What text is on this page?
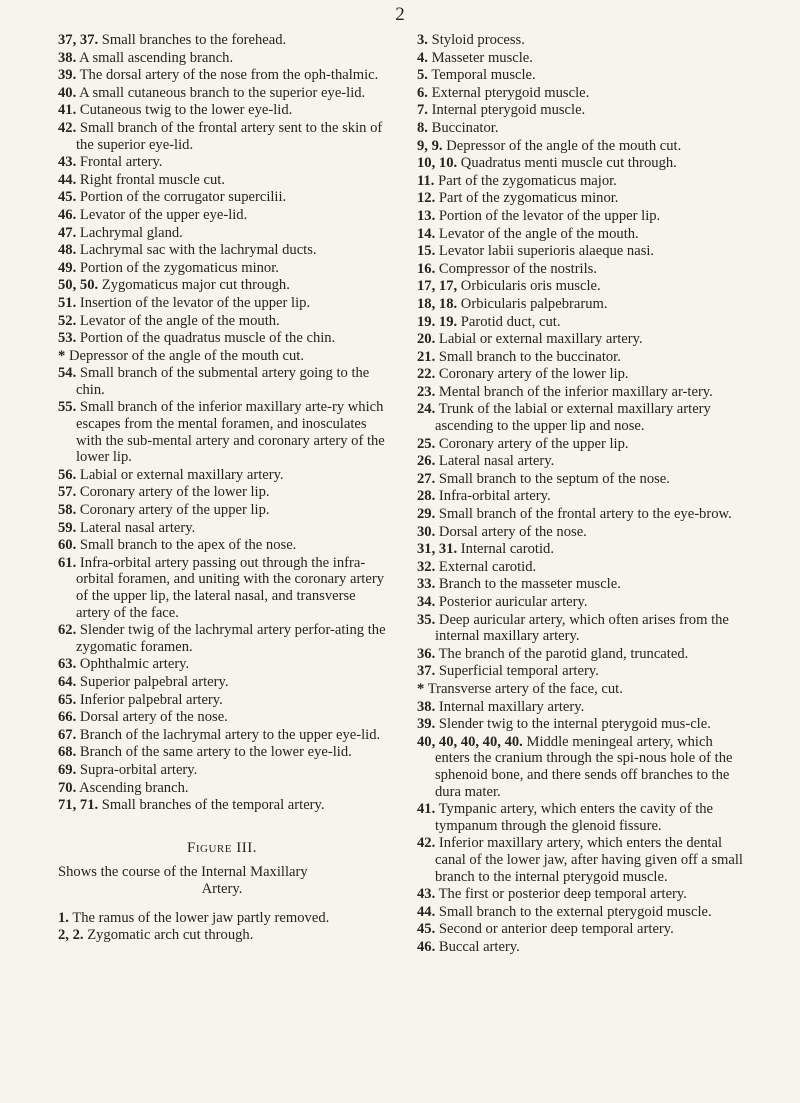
2

37, 37. Small branches to the forehead.

38. A small ascending branch.

39. The dorsal artery of the nose from the oph-thalmic.

40. A small cutaneous branch to the superior eye-lid.

41. Cutaneous twig to the lower eye-lid.

42. Small branch of the frontal artery sent to the skin of the superior eye-lid.

43. Frontal artery.

44. Right frontal muscle cut.

45. Portion of the corrugator supercilii.

46. Levator of the upper eye-lid.

47. Lachrymal gland.

48. Lachrymal sac with the lachrymal ducts.

49. Portion of the zygomaticus minor.

50, 50. Zygomaticus major cut through.

51. Insertion of the levator of the upper lip.

52. Levator of the angle of the mouth.

53. Portion of the quadratus muscle of the chin.

* Depressor of the angle of the mouth cut.

54. Small branch of the submental artery going to the chin.

55. Small branch of the inferior maxillary arte-ry which escapes from the mental foramen, and inosculates with the sub-mental artery and coronary artery of the lower lip.

56. Labial or external maxillary artery.

57. Coronary artery of the lower lip.

58. Coronary artery of the upper lip.

59. Lateral nasal artery.

60. Small branch to the apex of the nose.

61. Infra-orbital artery passing out through the infra-orbital foramen, and uniting with the coronary artery of the upper lip, the lateral nasal, and transverse artery of the face.

62. Slender twig of the lachrymal artery perfor-ating the zygomatic foramen.

63. Ophthalmic artery.

64. Superior palpebral artery.

65. Inferior palpebral artery.

66. Dorsal artery of the nose.

67. Branch of the lachrymal artery to the upper eye-lid.

68. Branch of the same artery to the lower eye-lid.

69. Supra-orbital artery.

70. Ascending branch.

71, 71. Small branches of the temporal artery.

Figure III.
Shows the course of the Internal Maxillary
Artery.

1. The ramus of the lower jaw partly removed.

2, 2. Zygomatic arch cut through.

3. Styloid process.

4. Masseter muscle.

5. Temporal muscle.

6. External pterygoid muscle.

7. Internal pterygoid muscle.

8. Buccinator.

9, 9. Depressor of the angle of the mouth cut.

10, 10. Quadratus menti muscle cut through.

11. Part of the zygomaticus major.

12. Part of the zygomaticus minor.

13. Portion of the levator of the upper lip.

14. Levator of the angle of the mouth.

15. Levator labii superioris alaeque nasi.

16. Compressor of the nostrils.

17, 17, Orbicularis oris muscle.

18, 18. Orbicularis palpebrarum.

19. 19. Parotid duct, cut.

20. Labial or external maxillary artery.

21. Small branch to the buccinator.

22. Coronary artery of the lower lip.

23. Mental branch of the inferior maxillary ar-tery.

24. Trunk of the labial or external maxillary artery ascending to the upper lip and nose.

25. Coronary artery of the upper lip.

26. Lateral nasal artery.

27. Small branch to the septum of the nose.

28. Infra-orbital artery.

29. Small branch of the frontal artery to the eye-brow.

30. Dorsal artery of the nose.

31, 31. Internal carotid.

32. External carotid.

33. Branch to the masseter muscle.

34. Posterior auricular artery.

35. Deep auricular artery, which often arises from the internal maxillary artery.

36. The branch of the parotid gland, truncated.

37. Superficial temporal artery.

* Transverse artery of the face, cut.

38. Internal maxillary artery.

39. Slender twig to the internal pterygoid mus-cle.

40, 40, 40, 40, 40. Middle meningeal artery, which enters the cranium through the spi-nous hole of the sphenoid bone, and there sends off branches to the dura mater.

41. Tympanic artery, which enters the cavity of the tympanum through the glenoid fissure.

42. Inferior maxillary artery, which enters the dental canal of the lower jaw, after having given off a small branch to the internal pterygoid muscle.

43. The first or posterior deep temporal artery.

44. Small branch to the external pterygoid muscle.

45. Second or anterior deep temporal artery.

46. Buccal artery.
